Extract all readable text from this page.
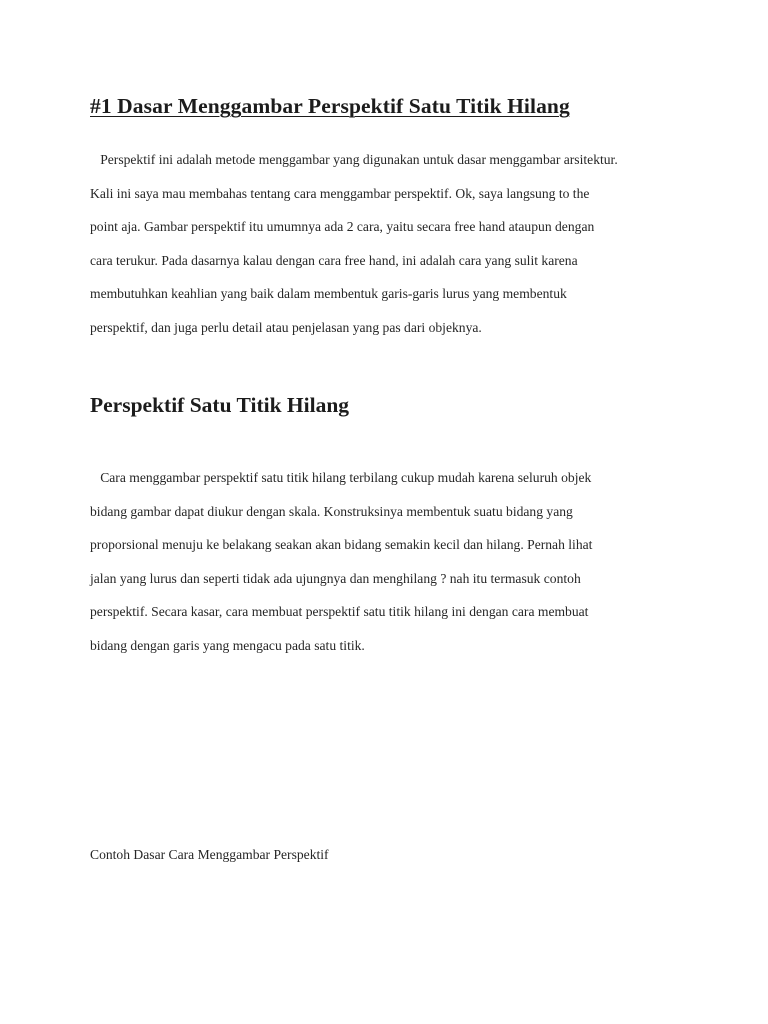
#1 Dasar Menggambar Perspektif Satu Titik Hilang
Perspektif ini adalah metode menggambar yang digunakan untuk dasar menggambar arsitektur.
Kali ini saya mau membahas tentang cara menggambar perspektif. Ok, saya langsung to the
point aja. Gambar perspektif itu umumnya ada 2 cara, yaitu secara free hand ataupun dengan
cara terukur. Pada dasarnya kalau dengan cara free hand, ini adalah cara yang sulit karena
membutuhkan keahlian yang baik dalam membentuk garis-garis lurus yang membentuk
perspektif, dan juga perlu detail atau penjelasan yang pas dari objeknya.
Perspektif Satu Titik Hilang
Cara menggambar perspektif satu titik hilang terbilang cukup mudah karena seluruh objek
bidang gambar dapat diukur dengan skala. Konstruksinya membentuk suatu bidang yang
proporsional menuju ke belakang seakan akan bidang semakin kecil dan hilang. Pernah lihat
jalan yang lurus dan seperti tidak ada ujungnya dan menghilang ? nah itu termasuk contoh
perspektif. Secara kasar, cara membuat perspektif satu titik hilang ini dengan cara membuat
bidang dengan garis yang mengacu pada satu titik.

Contoh Dasar Cara Menggambar Perspektif
